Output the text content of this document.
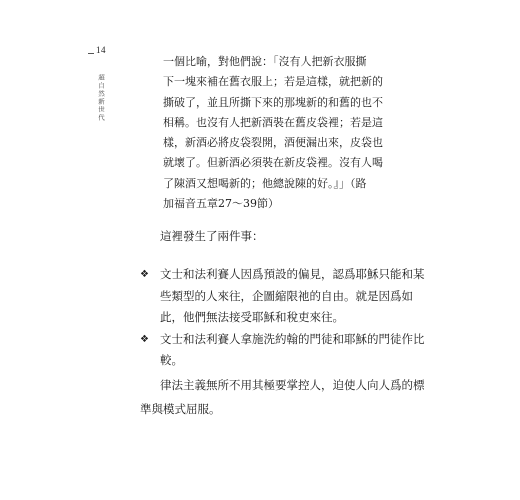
14
超自然新世代
一個比喻，對他們說：「沒有人把新衣服撕
下一塊來補在舊衣服上；若是這樣，就把新的
撕破了，並且所撕下來的那塊新的和舊的也不
相稱。也沒有人把新酒裝在舊皮袋裡；若是這
樣，新酒必將皮袋裂開，酒便漏出來，皮袋也
就壞了。但新酒必須裝在新皮袋裡。沒有人喝
了陳酒又想喝新的；他總說陳的好。』」（路
加福音五章27～39節）
這裡發生了兩件事：
❖ 文士和法利賽人因爲預設的偏見，認爲耶穌只能和某
些類型的人來往，企圖縮限祂的自由。就是因爲如
此，他們無法接受耶穌和稅吏來往。
❖ 文士和法利賽人拿施洗約翰的門徒和耶穌的門徒作比
較。
律法主義無所不用其極要掌控人，迫使人向人爲的標
準與模式屈服。
